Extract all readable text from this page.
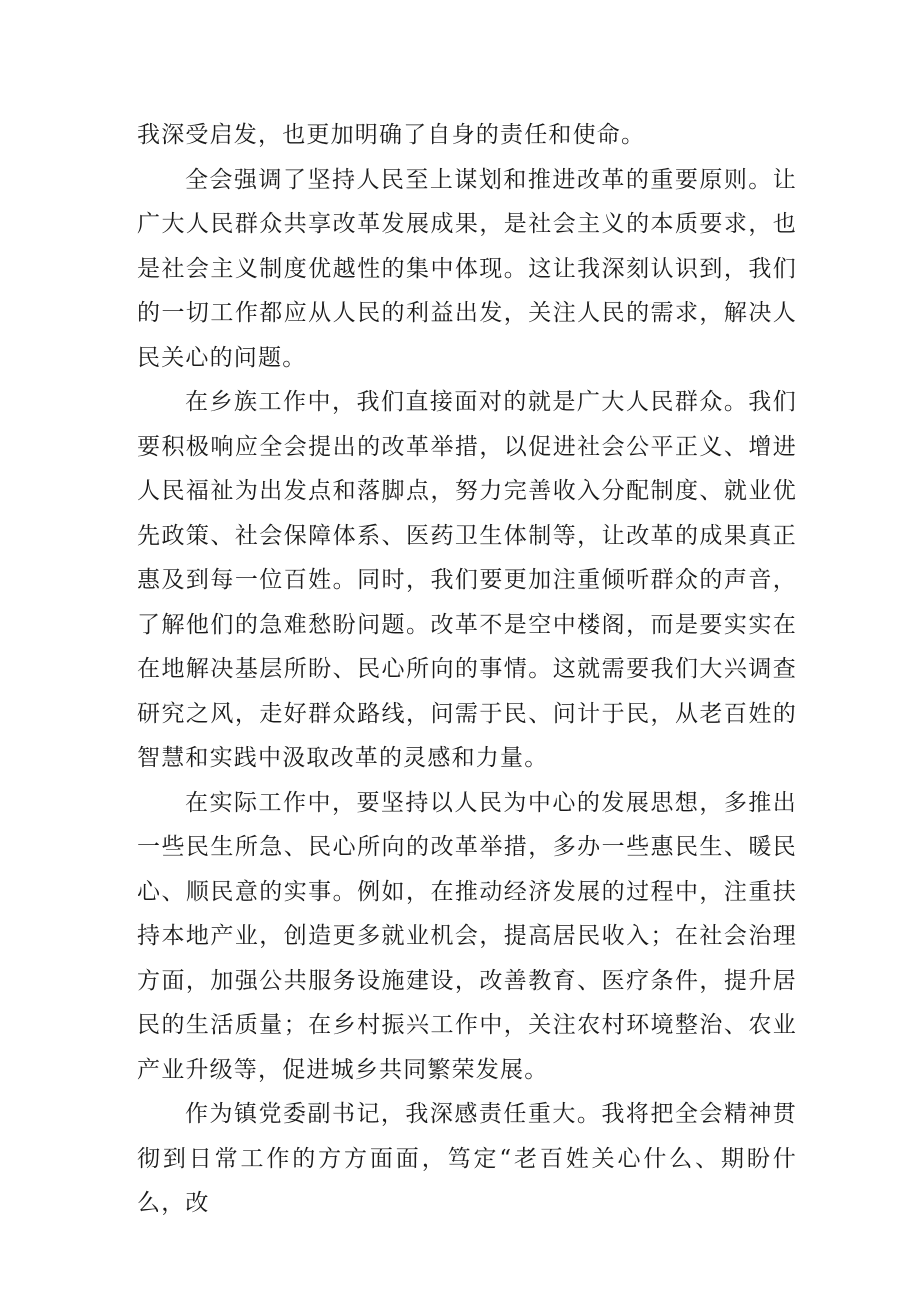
我深受启发，也更加明确了自身的责任和使命。

全会强调了坚持人民至上谋划和推进改革的重要原则。让广大人民群众共享改革发展成果，是社会主义的本质要求，也是社会主义制度优越性的集中体现。这让我深刻认识到，我们的一切工作都应从人民的利益出发，关注人民的需求，解决人民关心的问题。

在乡族工作中，我们直接面对的就是广大人民群众。我们要积极响应全会提出的改革举措，以促进社会公平正义、增进人民福祉为出发点和落脚点，努力完善收入分配制度、就业优先政策、社会保障体系、医药卫生体制等，让改革的成果真正惠及到每一位百姓。同时，我们要更加注重倾听群众的声音，了解他们的急难愁盼问题。改革不是空中楼阁，而是要实实在在地解决基层所盼、民心所向的事情。这就需要我们大兴调查研究之风，走好群众路线，问需于民、问计于民，从老百姓的智慧和实践中汲取改革的灵感和力量。

在实际工作中，要坚持以人民为中心的发展思想，多推出一些民生所急、民心所向的改革举措，多办一些惠民生、暖民心、顺民意的实事。例如，在推动经济发展的过程中，注重扶持本地产业，创造更多就业机会，提高居民收入；在社会治理方面，加强公共服务设施建设，改善教育、医疗条件，提升居民的生活质量；在乡村振兴工作中，关注农村环境整治、农业产业升级等，促进城乡共同繁荣发展。

作为镇党委副书记，我深感责任重大。我将把全会精神贯彻到日常工作的方方面面，笃定“老百姓关心什么、期盼什么，改
